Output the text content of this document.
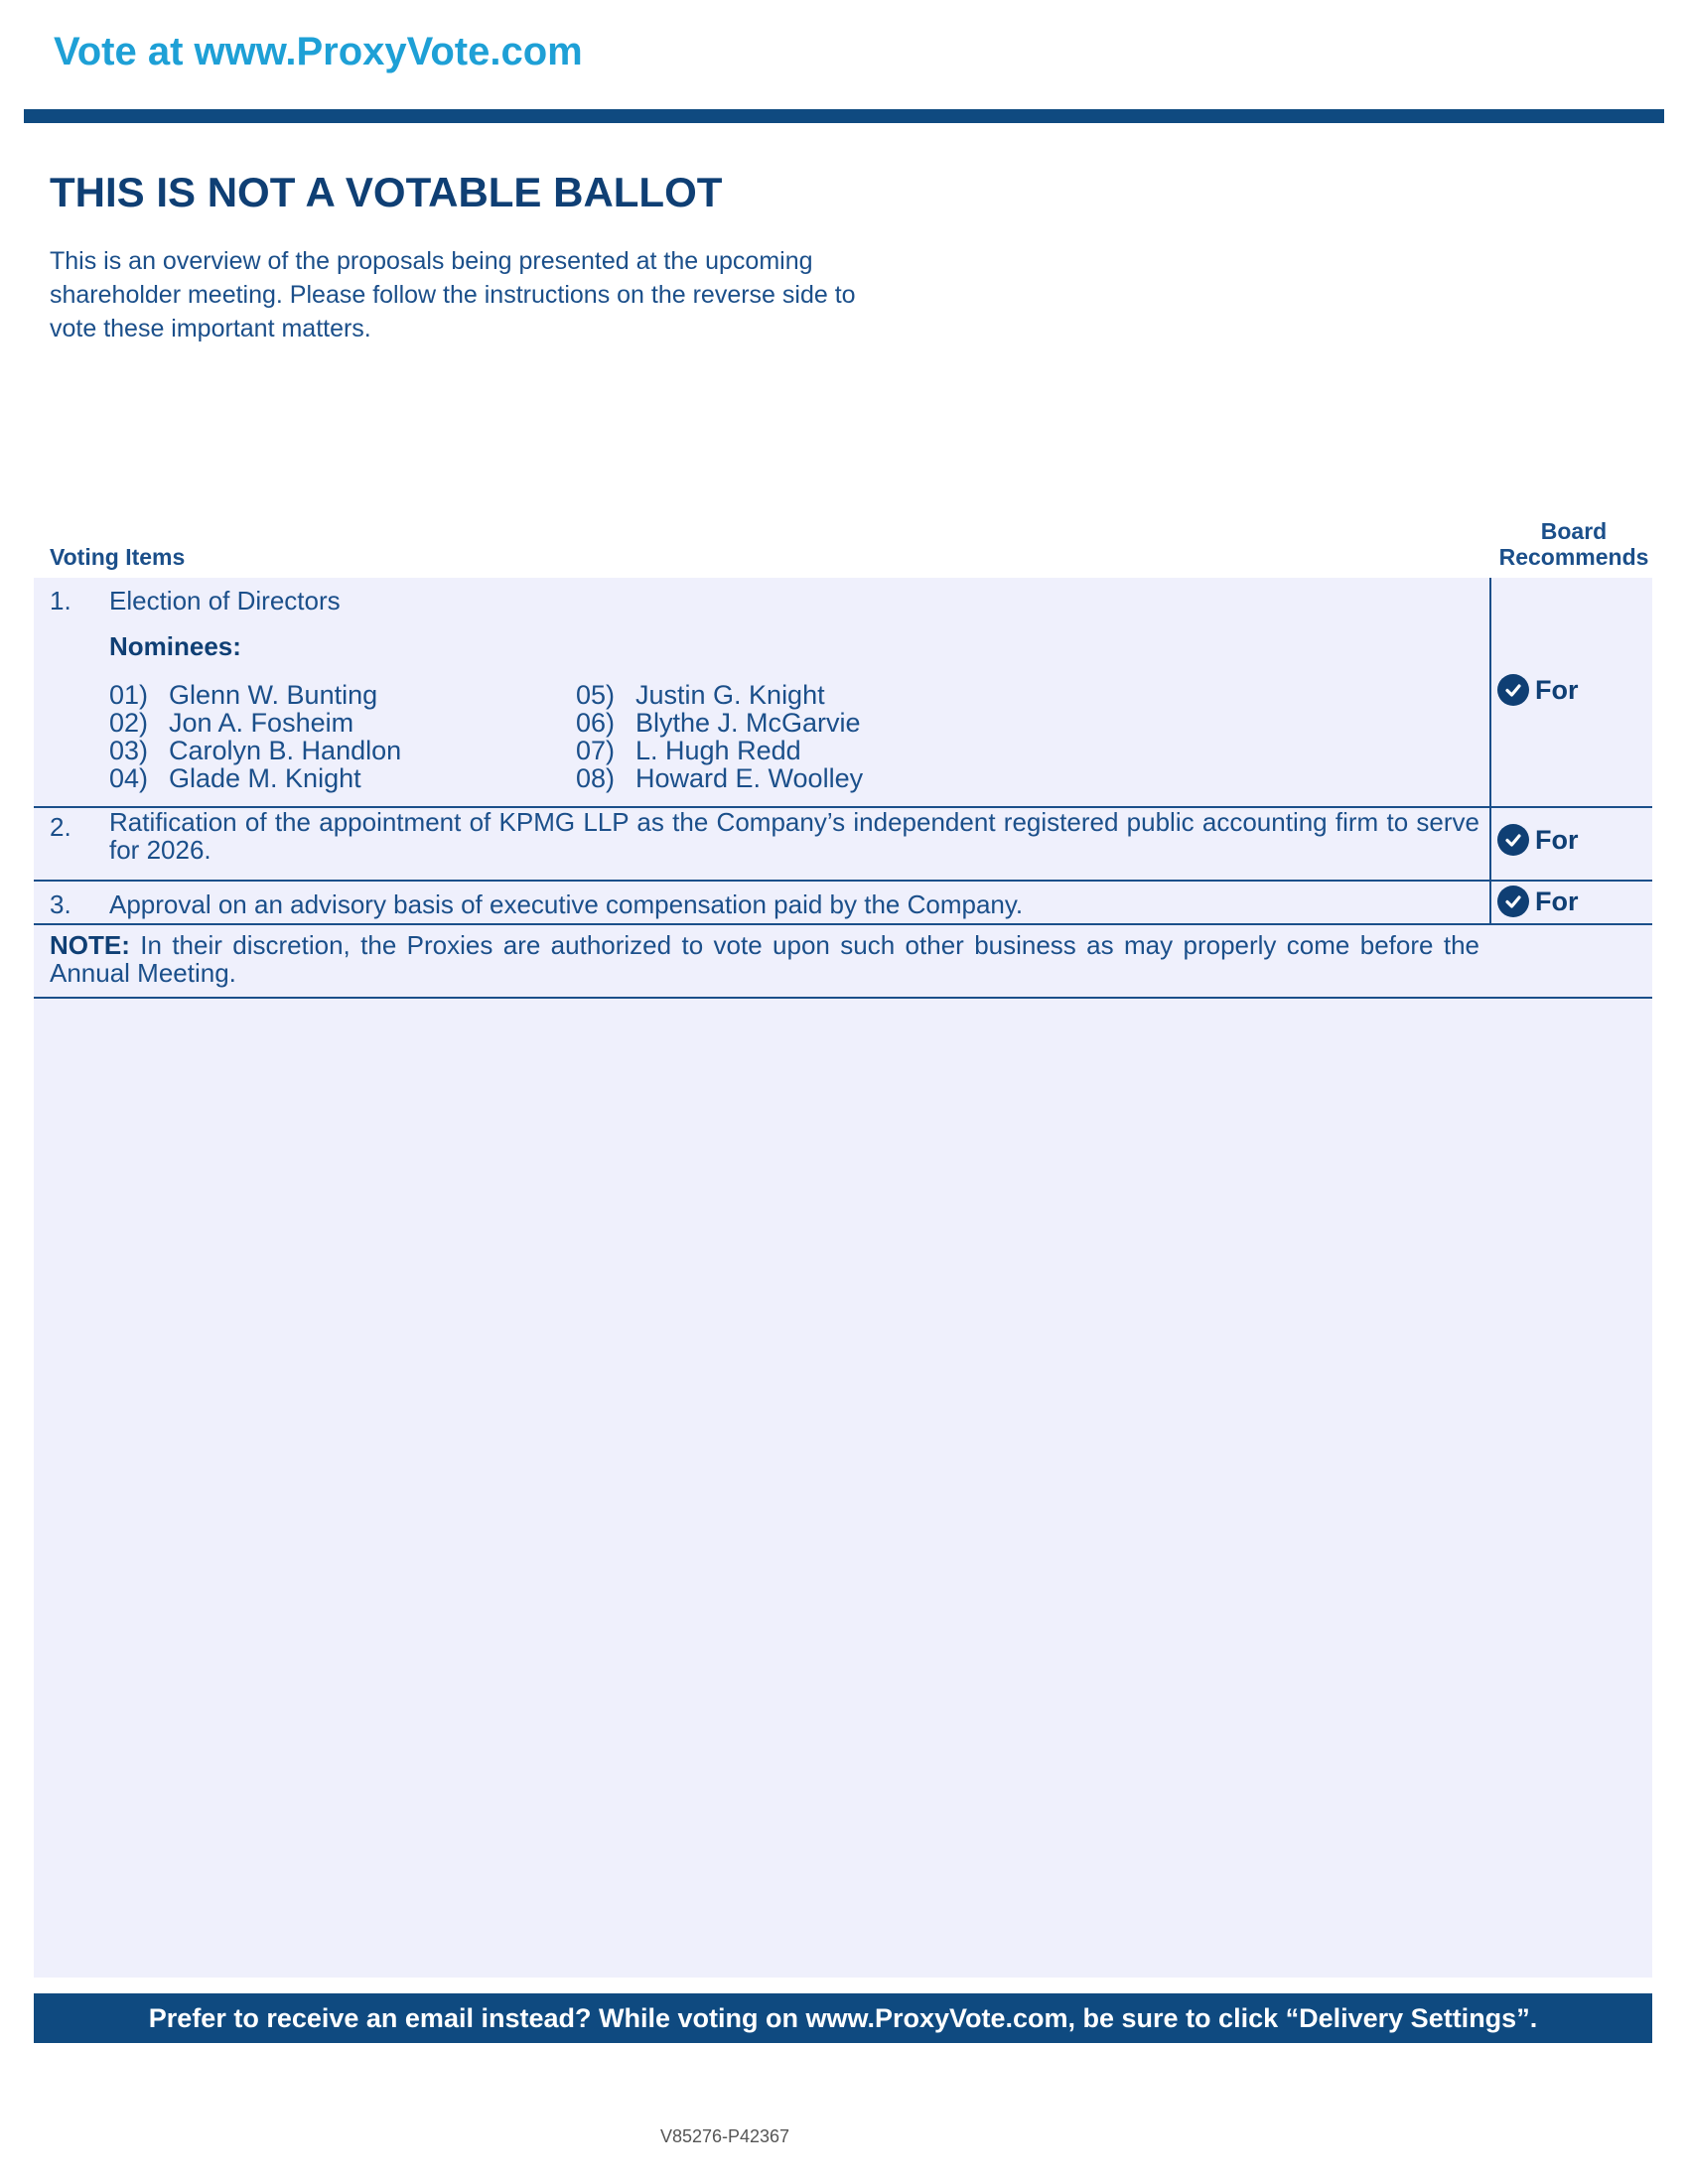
Vote at www.ProxyVote.com
THIS IS NOT A VOTABLE BALLOT
This is an overview of the proposals being presented at the upcoming shareholder meeting. Please follow the instructions on the reverse side to vote these important matters.
Voting Items
Board
Recommends
1. Election of Directors
Nominees:
01) Glenn W. Bunting
02) Jon A. Fosheim
03) Carolyn B. Handlon
04) Glade M. Knight
05) Justin G. Knight
06) Blythe J. McGarvie
07) L. Hugh Redd
08) Howard E. Woolley
For
2. Ratification of the appointment of KPMG LLP as the Company’s independent registered public accounting firm to serve for 2026.	For
3. Approval on an advisory basis of executive compensation paid by the Company.	For
NOTE: In their discretion, the Proxies are authorized to vote upon such other business as may properly come before the Annual Meeting.
Prefer to receive an email instead? While voting on www.ProxyVote.com, be sure to click “Delivery Settings”.
V85276-P42367
